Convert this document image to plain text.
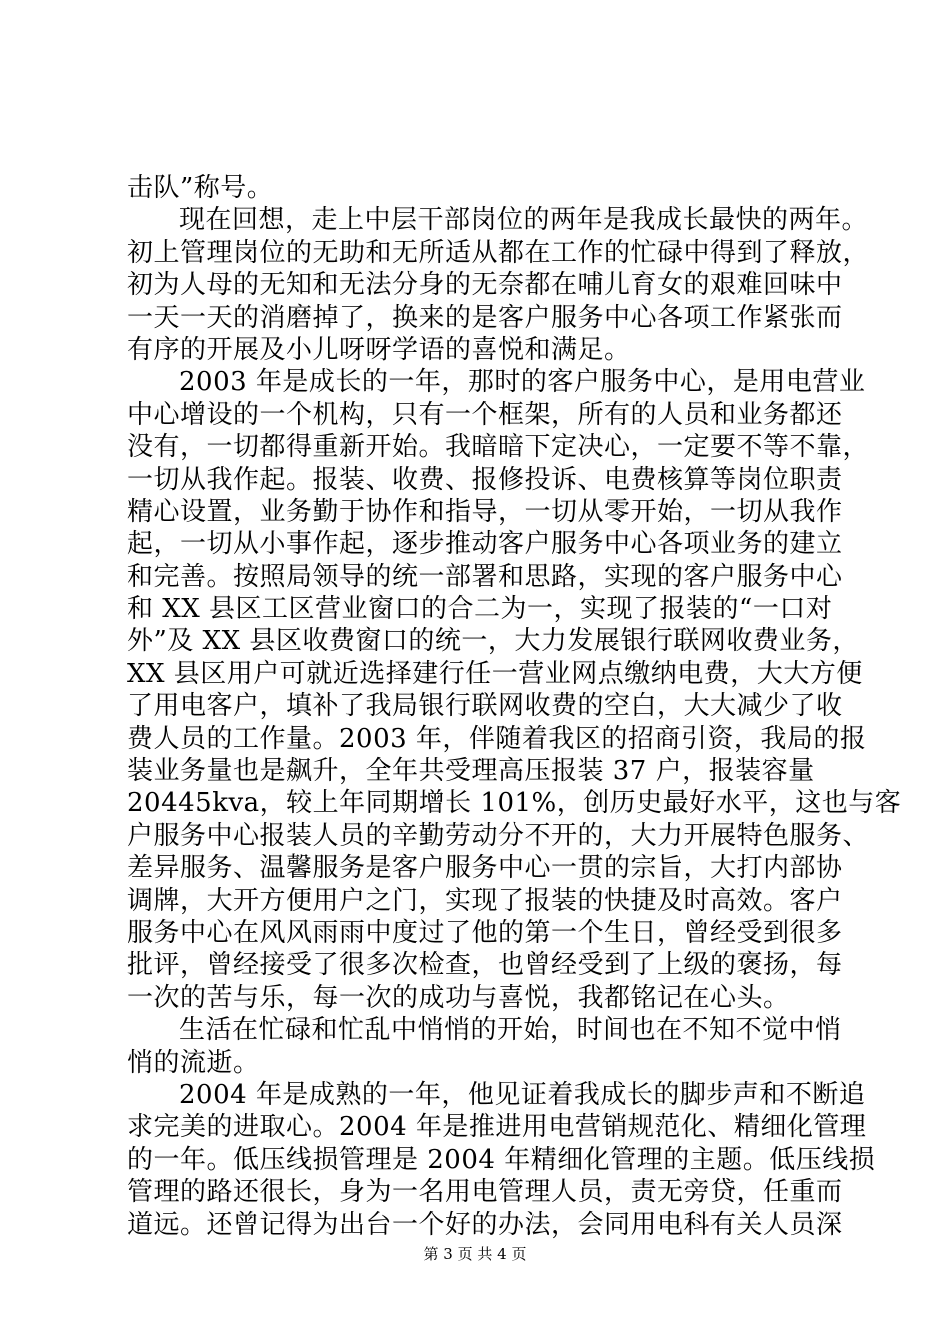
击队”称号。
现在回想，走上中层干部岗位的两年是我成长最快的两年。
初上管理岗位的无助和无所适从都在工作的忙碌中得到了释放，
初为人母的无知和无法分身的无奈都在哺儿育女的艰难回味中
一天一天的消磨掉了，换来的是客户服务中心各项工作紧张而
有序的开展及小儿呀呀学语的喜悦和满足。
2003 年是成长的一年，那时的客户服务中心，是用电营业
中心增设的一个机构，只有一个框架，所有的人员和业务都还
没有，一切都得重新开始。我暗暗下定决心，一定要不等不靠，
一切从我作起。报装、收费、报修投诉、电费核算等岗位职责
精心设置，业务勤于协作和指导，一切从零开始，一切从我作
起，一切从小事作起，逐步推动客户服务中心各项业务的建立
和完善。按照局领导的统一部署和思路，实现的客户服务中心
和 XX 县区工区营业窗口的合二为一，实现了报装的“一口对
外”及 XX 县区收费窗口的统一，大力发展银行联网收费业务，
XX 县区用户可就近选择建行任一营业网点缴纳电费，大大方便
了用电客户，填补了我局银行联网收费的空白，大大减少了收
费人员的工作量。2003 年，伴随着我区的招商引资，我局的报
装业务量也是飙升，全年共受理高压报装 37 户，报装容量
20445kva，较上年同期增长 101%，创历史最好水平，这也与客
户服务中心报装人员的辛勤劳动分不开的，大力开展特色服务、
差异服务、温馨服务是客户服务中心一贯的宗旨，大打内部协
调牌，大开方便用户之门，实现了报装的快捷及时高效。客户
服务中心在风风雨雨中度过了他的第一个生日，曾经受到很多
批评，曾经接受了很多次检查，也曾经受到了上级的褒扬，每
一次的苦与乐，每一次的成功与喜悦，我都铭记在心头。
生活在忙碌和忙乱中悄悄的开始，时间也在不知不觉中悄
悄的流逝。
2004 年是成熟的一年，他见证着我成长的脚步声和不断追
求完美的进取心。2004 年是推进用电营销规范化、精细化管理
的一年。低压线损管理是 2004 年精细化管理的主题。低压线损
管理的路还很长，身为一名用电管理人员，责无旁贷，任重而
道远。还曾记得为出台一个好的办法，会同用电科有关人员深
第 3 页 共 4 页
